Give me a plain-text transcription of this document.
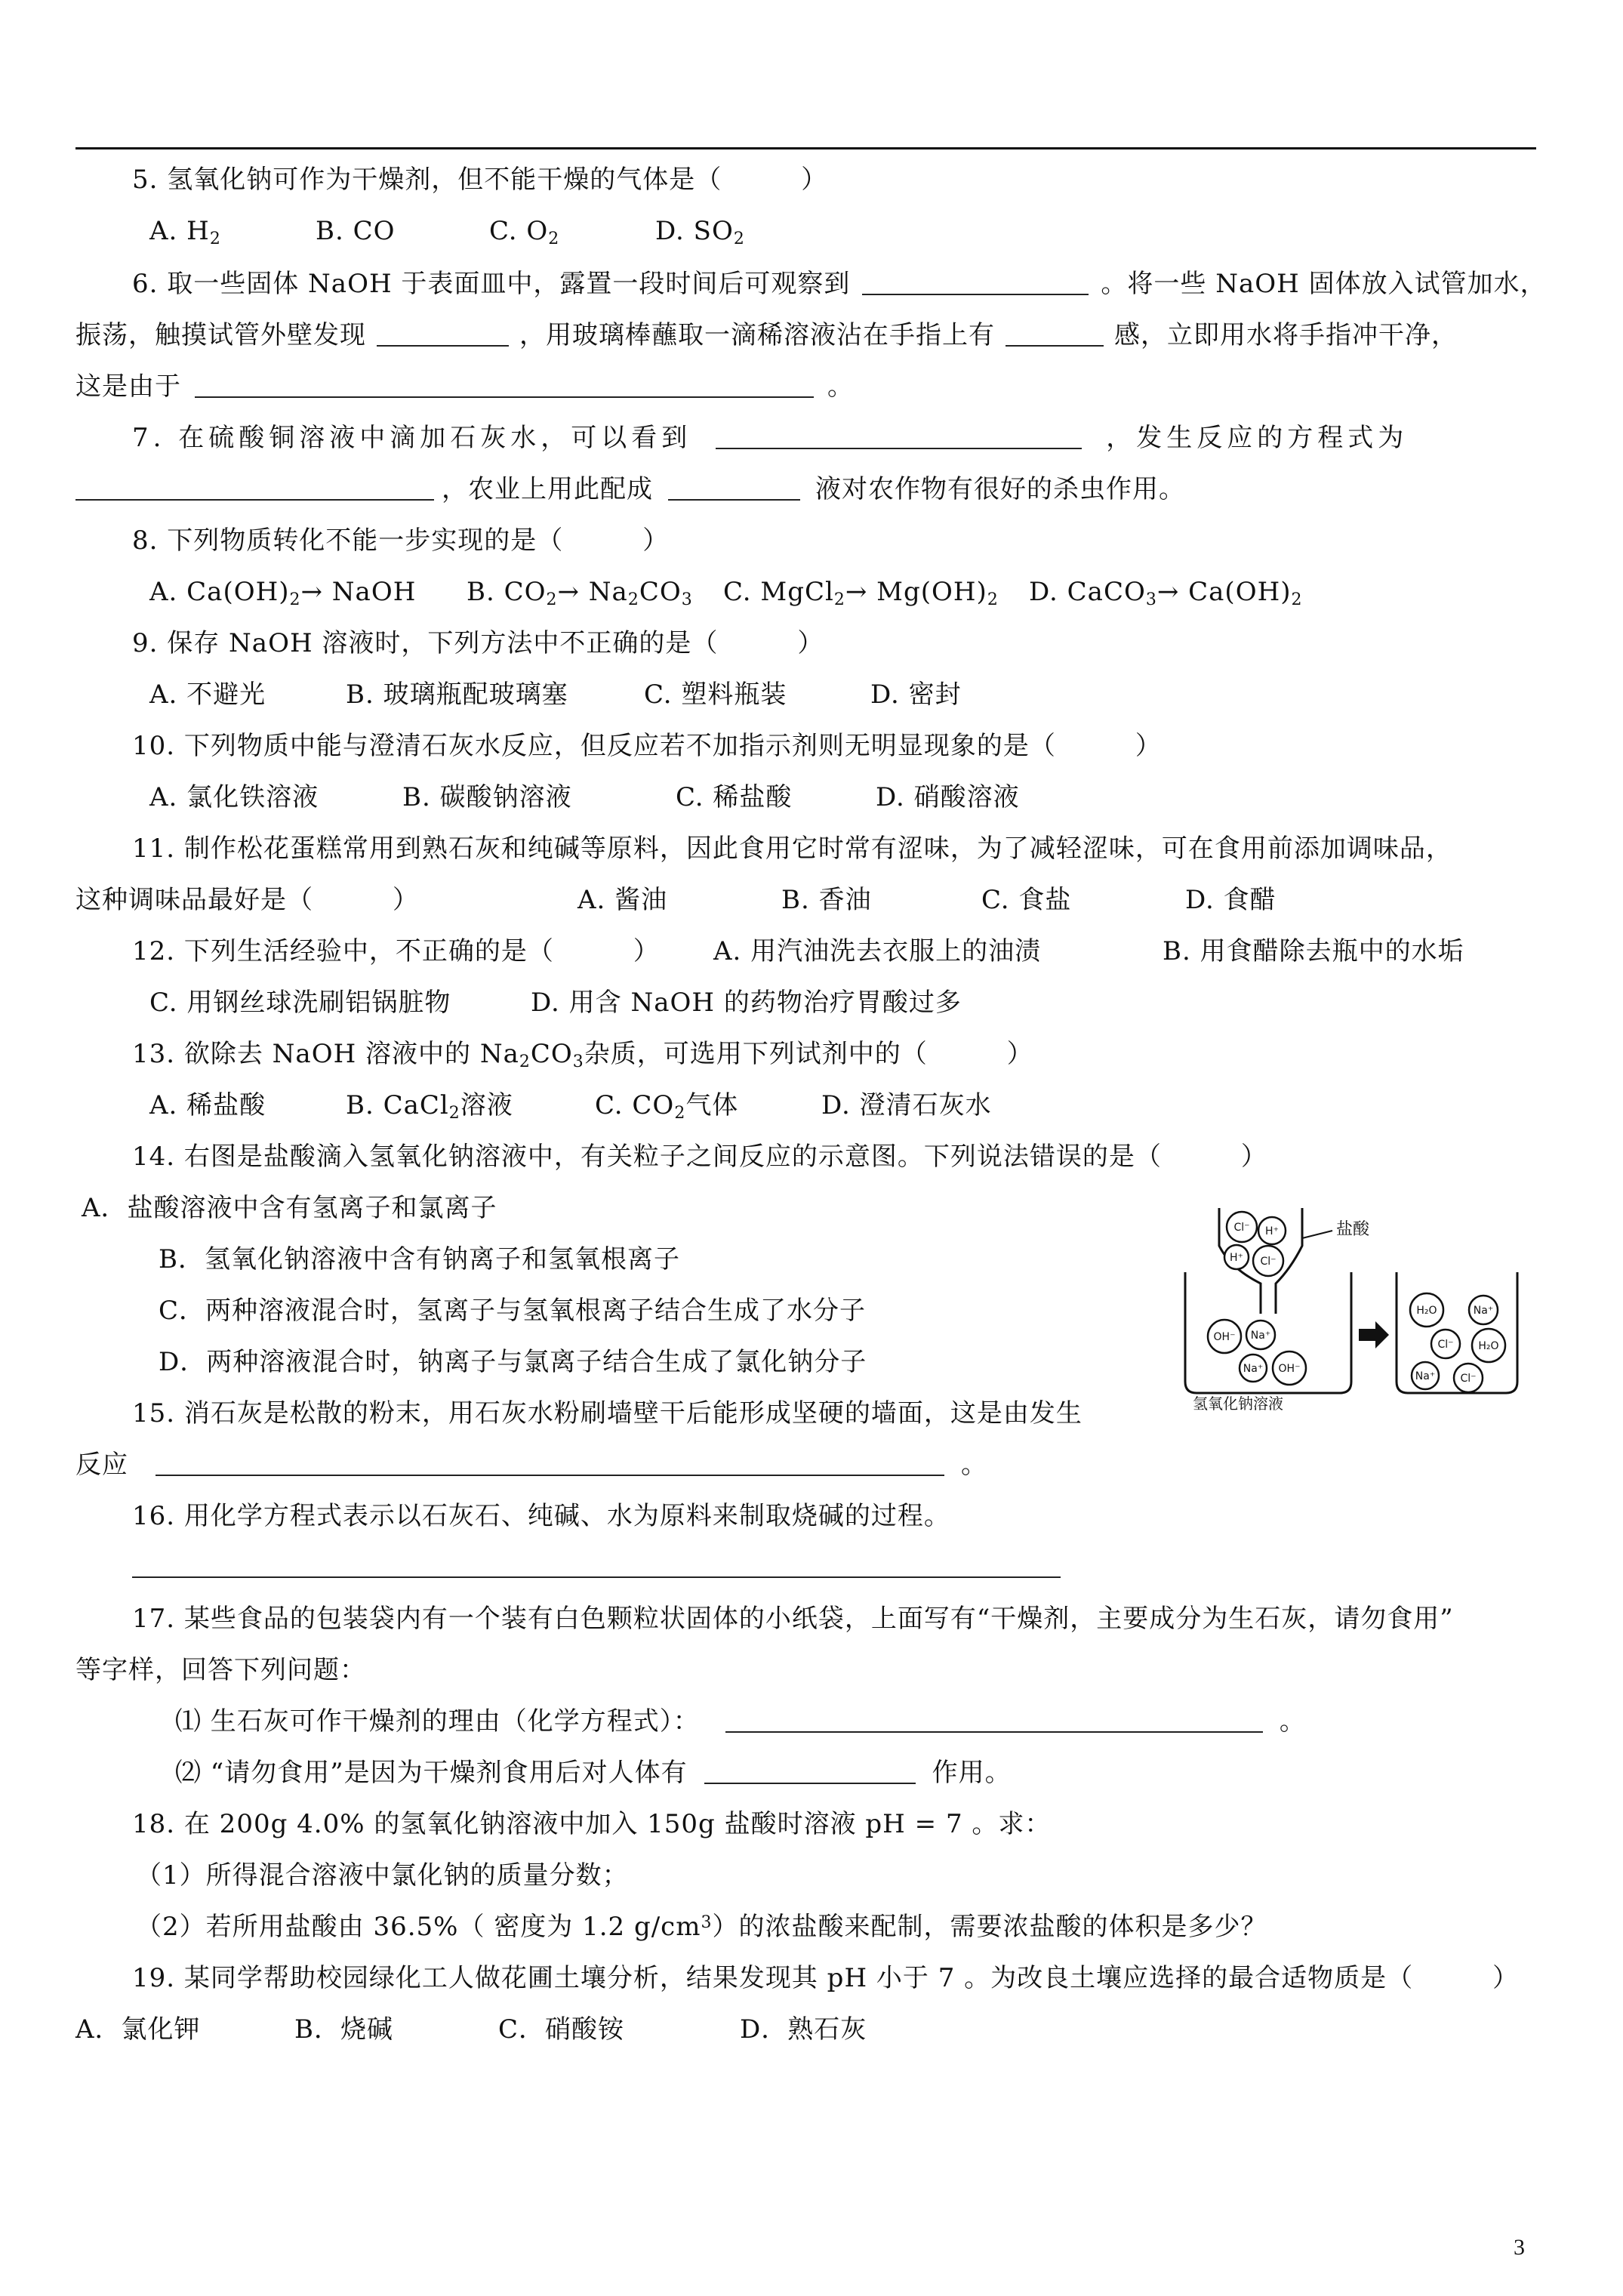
5. 氢氧化钠可作为干燥剂，但不能干燥的气体是（　　　）
A. $H_2$	B. CO	C. $O_2$	D. $SO_2$
6. 取一些固体 NaOH 于表面皿中，露置一段时间后可观察到	。将一些 NaOH 固体放入试管加水，
振荡，触摸试管外壁发现	，用玻璃棒蘸取一滴稀溶液沾在手指上有	感，立即用水将手指冲干净，
这是由于	。
7. 在硫酸铜溶液中滴加石灰水，可以看到	，发生反应的方程式为
，农业上用此配成	液对农作物有很好的杀虫作用。
8. 下列物质转化不能一步实现的是（　　　）
A. $Ca(OH)_2\to$ NaOH B. $CO_2\to Na_2CO_3$ C. MgCl$_2$→ $Mg(OH)_2$ D. CaCO$_3$→ $Ca(OH)_2$
9. 保存 NaOH 溶液时，下列方法中不正确的是（　　　）
A. 不避光	B. 玻璃瓶配玻璃塞	C. 塑料瓶装	D. 密封
10. 下列物质中能与澄清石灰水反应，但反应若不加指示剂则无明显现象的是（　　　）
A. 氯化铁溶液	B. 碳酸钠溶液	C. 稀盐酸	D. 硝酸溶液
11. 制作松花蛋糕常用到熟石灰和纯碱等原料，因此食用它时常有涩味，为了减轻涩味，可在食用前添加调味品，
这种调味品最好是（　　　）	A. 酱油	B. 香油	C. 食盐	D. 食醋
12. 下列生活经验中，不正确的是（　　　） A. 用汽油洗去衣服上的油渍	B. 用食醋除去瓶中的水垢
C. 用钢丝球洗刷铝锅脏物	D. 用含 NaOH 的药物治疗胃酸过多
13. 欲除去 NaOH 溶液中的 $Na_2CO_3$杂质，可选用下列试剂中的（　　　）
A. 稀盐酸	B. CaCl$_2$溶液	C. $CO_2$气体	D. 澄清石灰水
14. 右图是盐酸滴入氢氧化钠溶液中，有关粒子之间反应的示意图。下列说法错误的是（　　　）
A．盐酸溶液中含有氢离子和氯离子
B．氢氧化钠溶液中含有钠离子和氢氧根离子
C．两种溶液混合时，氢离子与氢氧根离子结合生成了水分子
D．两种溶液混合时，钠离子与氯离子结合生成了氯化钠分子
Cl⁻ H⁺
H⁺ Cl⁻
OH⁻ Na⁺
Na⁺ OH⁻
H₂O	Na⁺
Cl⁻ H₂O
Na⁺ Cl⁻
盐酸
氢氧化钠溶液
15. 消石灰是松散的粉末，用石灰水粉刷墙壁干后能形成坚硬的墙面，这是由发生
反应	。
16. 用化学方程式表示以石灰石、纯碱、水为原料来制取烧碱的过程。
17. 某些食品的包装袋内有一个装有白色颗粒状固体的小纸袋，上面写有“干燥剂，主要成分为生石灰，请勿食用”
等字样，回答下列问题：
⑴ 生石灰可作干燥剂的理由（化学方程式）：	。
⑵ “请勿食用”是因为干燥剂食用后对人体有	作用。
18. 在 200g 4.0% 的氢氧化钠溶液中加入 150g 盐酸时溶液 pH = 7 。求：
（1）所得混合溶液中氯化钠的质量分数；
（2）若所用盐酸由 36.5%（ 密度为 1.2 $g/cm^3$）的浓盐酸来配制，需要浓盐酸的体积是多少？
19. 某同学帮助校园绿化工人做花圃土壤分析，结果发现其 pH 小于 7 。为改良土壤应选择的最合适物质是（　　　）
A．氯化钾	B．烧碱	C．硝酸铵	D．熟石灰
3
